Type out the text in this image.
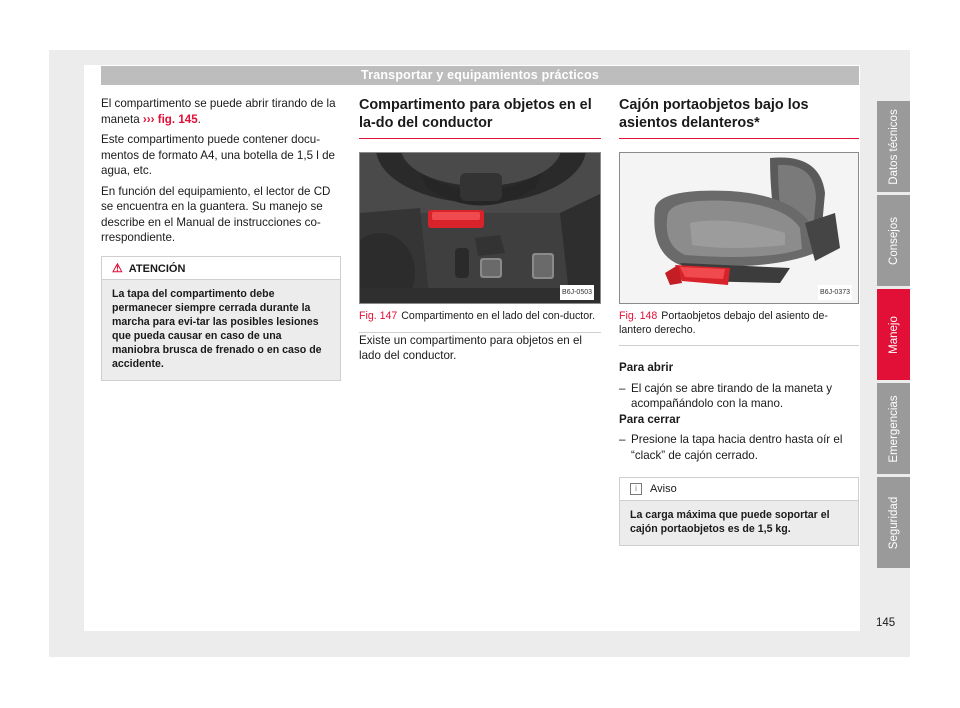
Transportar y equipamientos prácticos

El compartimento se puede abrir tirando de la maneta ››› fig. 145.

Este compartimento puede contener docu-mentos de formato A4, una botella de 1,5 l de agua, etc.

En función del equipamiento, el lector de CD se encuentra en la guantera. Su manejo se describe en el Manual de instrucciones co-rrespondiente.

⚠ ATENCIÓN
La tapa del compartimento debe permanecer siempre cerrada durante la marcha para evi-tar las posibles lesiones que pueda causar en caso de una maniobra brusca de frenado o en caso de accidente.
Compartimento para objetos en el la-do del conductor
B6J-0503
Fig. 147 Compartimento en el lado del con-ductor.

Existe un compartimento para objetos en el lado del conductor.

Cajón portaobjetos bajo los asientos delanteros*
B6J-0373
Fig. 148 Portaobjetos debajo del asiento de-lantero derecho.

Para abrir

– El cajón se abre tirando de la maneta y acompañándolo con la mano.

Para cerrar

– Presione la tapa hacia dentro hasta oír el “clack” de cajón cerrado.
i Aviso
La carga máxima que puede soportar el cajón portaobjetos es de 1,5 kg.
Datos técnicos
Consejos
Manejo
Emergencias
Seguridad
145
